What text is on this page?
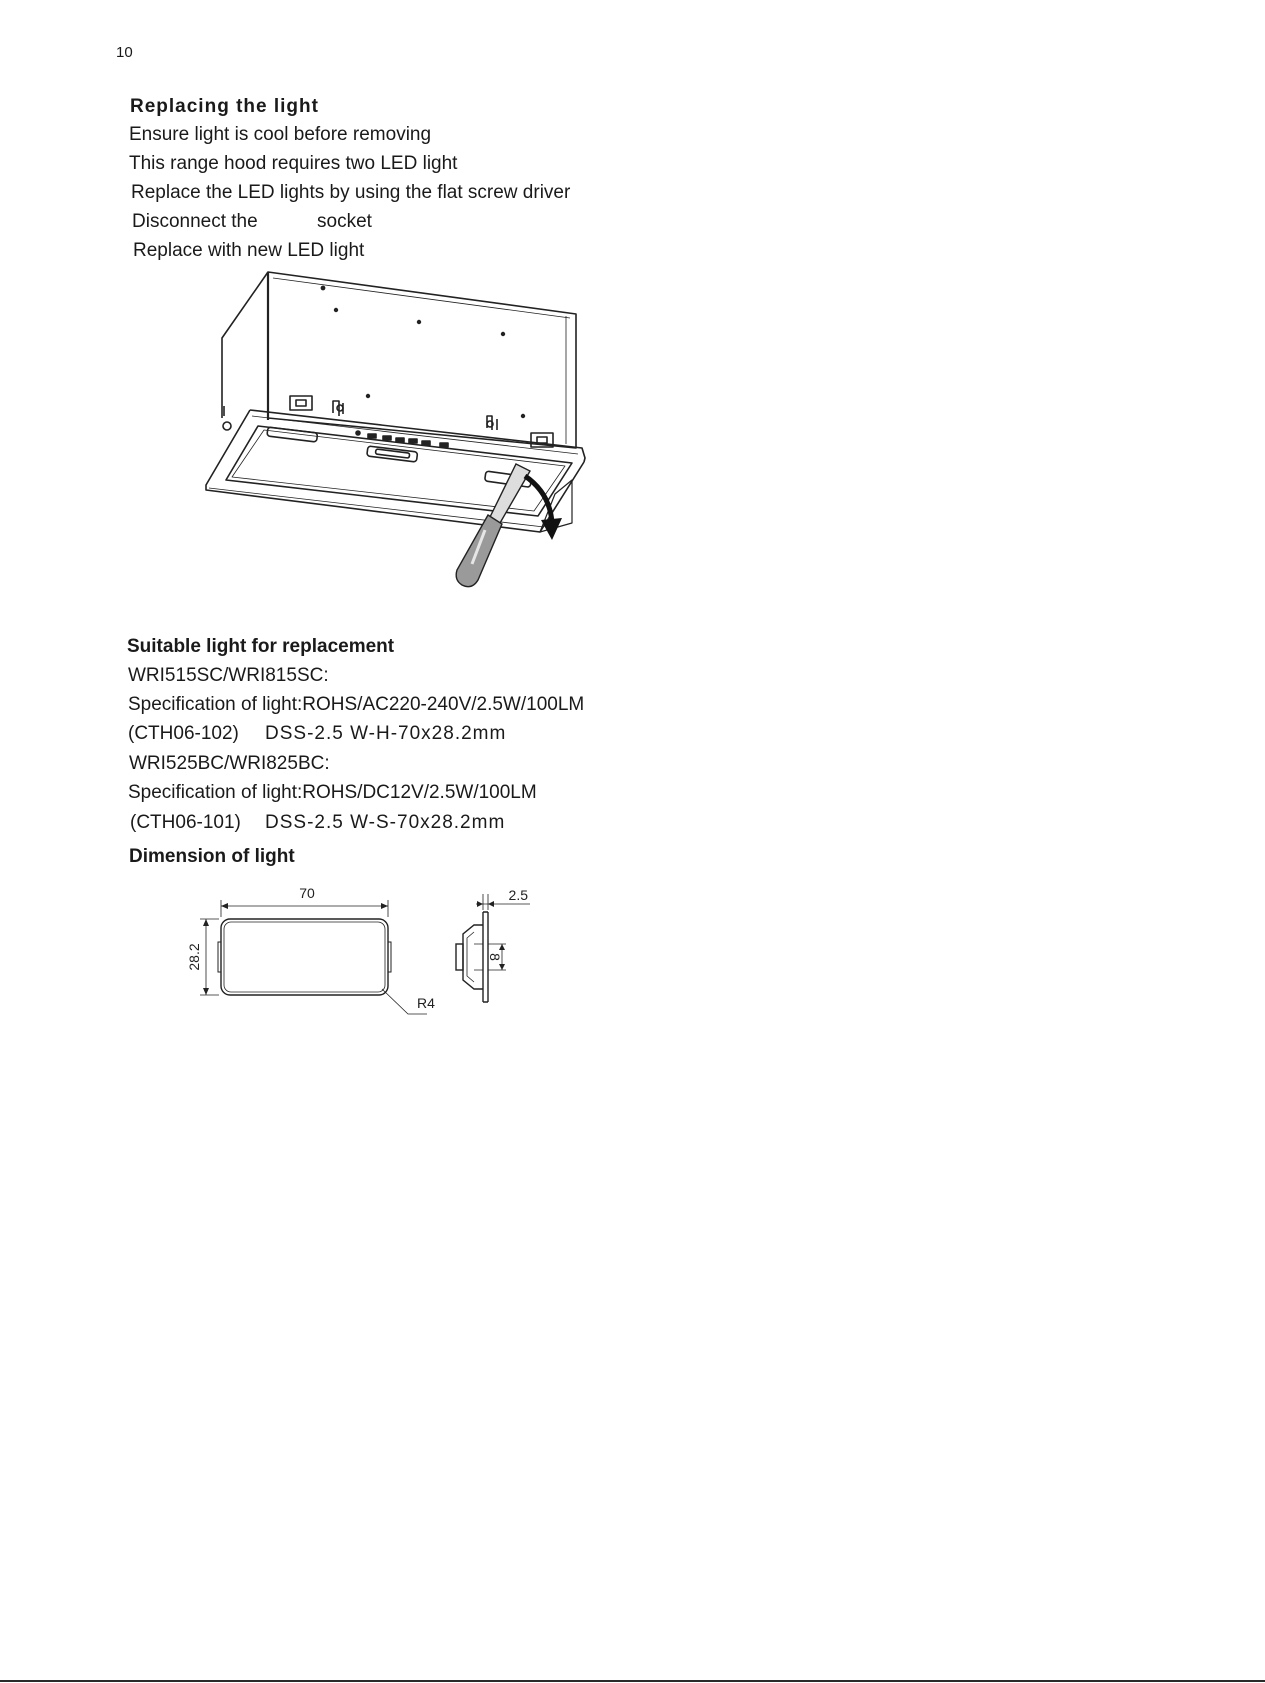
10
Replacing the light
Ensure light is cool before removing
This range hood requires two LED light
Replace the LED lights by using the flat screw driver
Disconnect the	socket
Replace with new LED light
Suitable light for replacement
WRI515SC/WRI815SC:
Specification of light:ROHS/AC220-240V/2.5W/100LM
(CTH06-102) DSS-2.5 W-H-70x28.2mm
WRI525BC/WRI825BC:
Specification of light:ROHS/DC12V/2.5W/100LM
(CTH06-101) DSS-2.5 W-S-70x28.2mm
Dimension of light
70
28.2
R4
2.5
8
